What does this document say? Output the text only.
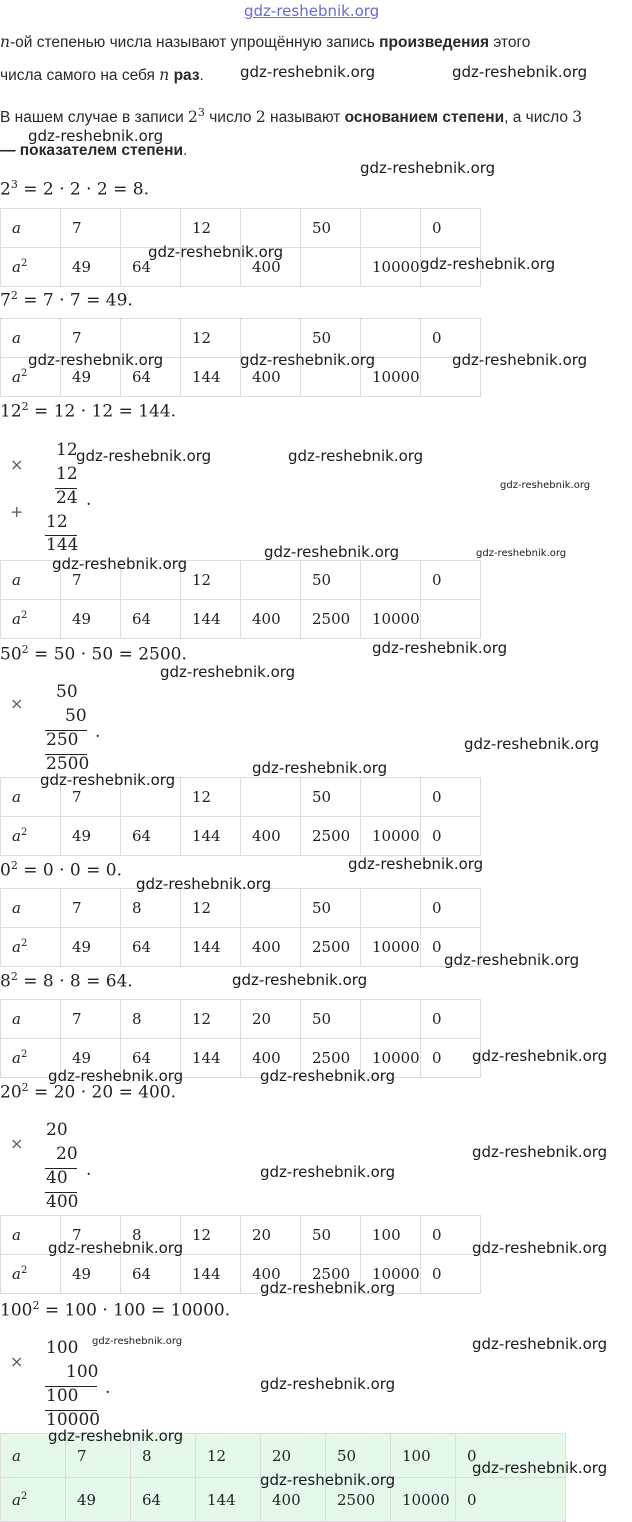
gdz-reshebnik.org
n-ой степенью числа называют упрощённую запись произведения этого
числа самого на себя n раз.
В нашем случае в записи $2^3$ число 2 называют основанием степени, а число 3
— показателем степени.
$2^3 = 2 \cdot 2 \cdot 2 = 8$.
a	7		12		50		0
$a^2$	49	64		400		10000	
$7^2 = 7 \cdot 7 = 49$.
a	7		12		50		0
$a^2$	49	64	144	400		10000	
$12^2 = 12 \cdot 12 = 144$.
×
12
12
24 .
+
12
144
a	7		12		50		0
$a^2$	49	64	144	400	2500	10000	
$50^2 = 50 \cdot 50 = 2500$.
×
50
50
250 .
2500
a	7		12		50		0
$a^2$	49	64	144	400	2500	10000	0
$0^2 = 0 \cdot 0 = 0$.
a	7	8	12		50		0
$a^2$	49	64	144	400	2500	10000	0
$8^2 = 8 \cdot 8 = 64$.
a	7	8	12	20	50		0
$a^2$	49	64	144	400	2500	10000	0
$20^2 = 20 \cdot 20 = 400$.
×
20
20
40 .
400
a	7	8	12	20	50	100	0
$a^2$	49	64	144	400	2500	10000	0
$100^2 = 100 \cdot 100 = 10000$.
×
100
100
100 .
10000
a	7	8	12	20	50	100	0
$a^2$	49	64	144	400	2500	10000	0
gdz-reshebnik.org	gdz-reshebnik.org
gdz-reshebnik.org
gdz-reshebnik.org
gdz-reshebnik.org
gdz-reshebnik.org
gdz-reshebnik.org	gdz-reshebnik.org	gdz-reshebnik.org
gdz-reshebnik.org	gdz-reshebnik.org
gdz-reshebnik.org
gdz-reshebnik.org	gdz-reshebnik.org
gdz-reshebnik.org
gdz-reshebnik.org
gdz-reshebnik.org
gdz-reshebnik.org
gdz-reshebnik.org
gdz-reshebnik.org
gdz-reshebnik.org
gdz-reshebnik.org
gdz-reshebnik.org
gdz-reshebnik.org
gdz-reshebnik.org
gdz-reshebnik.org	gdz-reshebnik.org
gdz-reshebnik.org
gdz-reshebnik.org
gdz-reshebnik.org	gdz-reshebnik.org
gdz-reshebnik.org
gdz-reshebnik.org	gdz-reshebnik.org
gdz-reshebnik.org
gdz-reshebnik.org
gdz-reshebnik.org
gdz-reshebnik.org
